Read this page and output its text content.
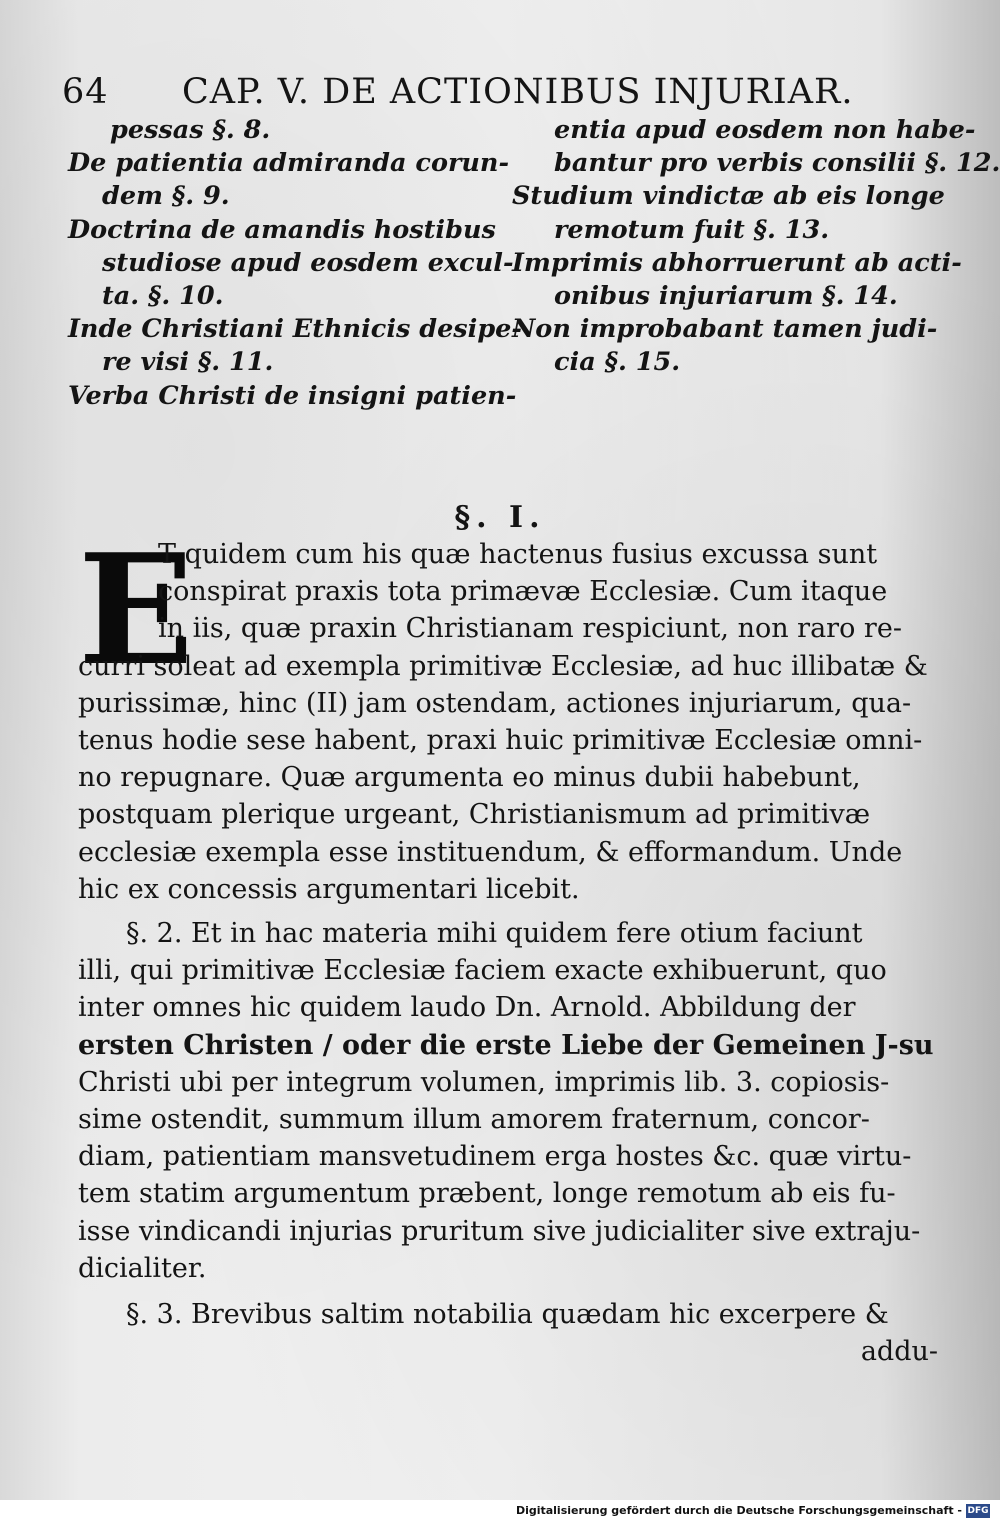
64 CAP. V. DE ACTIONIBUS INJURIAR.
pessas §. 8.
De patientia admiranda corun-
dem §. 9.
Doctrina de amandis hostibus
studiose apud eosdem excul-
ta. §. 10.
Inde Christiani Ethnicis desipe-
re visi §. 11.
Verba Christi de insigni patien-
entia apud eosdem non habe-
bantur pro verbis consilii §. 12.
Studium vindictæ ab eis longe
remotum fuit §. 13.
Imprimis abhorruerunt ab acti-
onibus injuriarum §. 14.
Non improbabant tamen judi-
cia §. 15.
§. I.
E
T quidem cum his quæ hactenus fusius excussa sunt
conspirat praxis tota primævæ Ecclesiæ. Cum itaque
in iis, quæ praxin Christianam respiciunt, non raro re-
curri soleat ad exempla primitivæ Ecclesiæ, ad huc illibatæ &
purissimæ, hinc (II) jam ostendam, actiones injuriarum, qua-
tenus hodie sese habent, praxi huic primitivæ Ecclesiæ omni-
no repugnare. Quæ argumenta eo minus dubii habebunt,
postquam plerique urgeant, Christianismum ad primitivæ
ecclesiæ exempla esse instituendum, & efformandum. Unde
hic ex concessis argumentari licebit.
§. 2. Et in hac materia mihi quidem fere otium faciunt
illi, qui primitivæ Ecclesiæ faciem exacte exhibuerunt, quo
inter omnes hic quidem laudo Dn. Arnold. Abbildung der
ersten Christen / oder die erste Liebe der Gemeinen J-su
Christi ubi per integrum volumen, imprimis lib. 3. copiosis-
sime ostendit, summum illum amorem fraternum, concor-
diam, patientiam mansvetudinem erga hostes &c. quæ virtu-
tem statim argumentum præbent, longe remotum ab eis fu-
isse vindicandi injurias pruritum sive judicialiter sive extraju-
dicialiter.
§. 3. Brevibus saltim notabilia quædam hic excerpere &
addu-
Digitalisierung gefördert durch die Deutsche Forschungsgemeinschaft - DFG
